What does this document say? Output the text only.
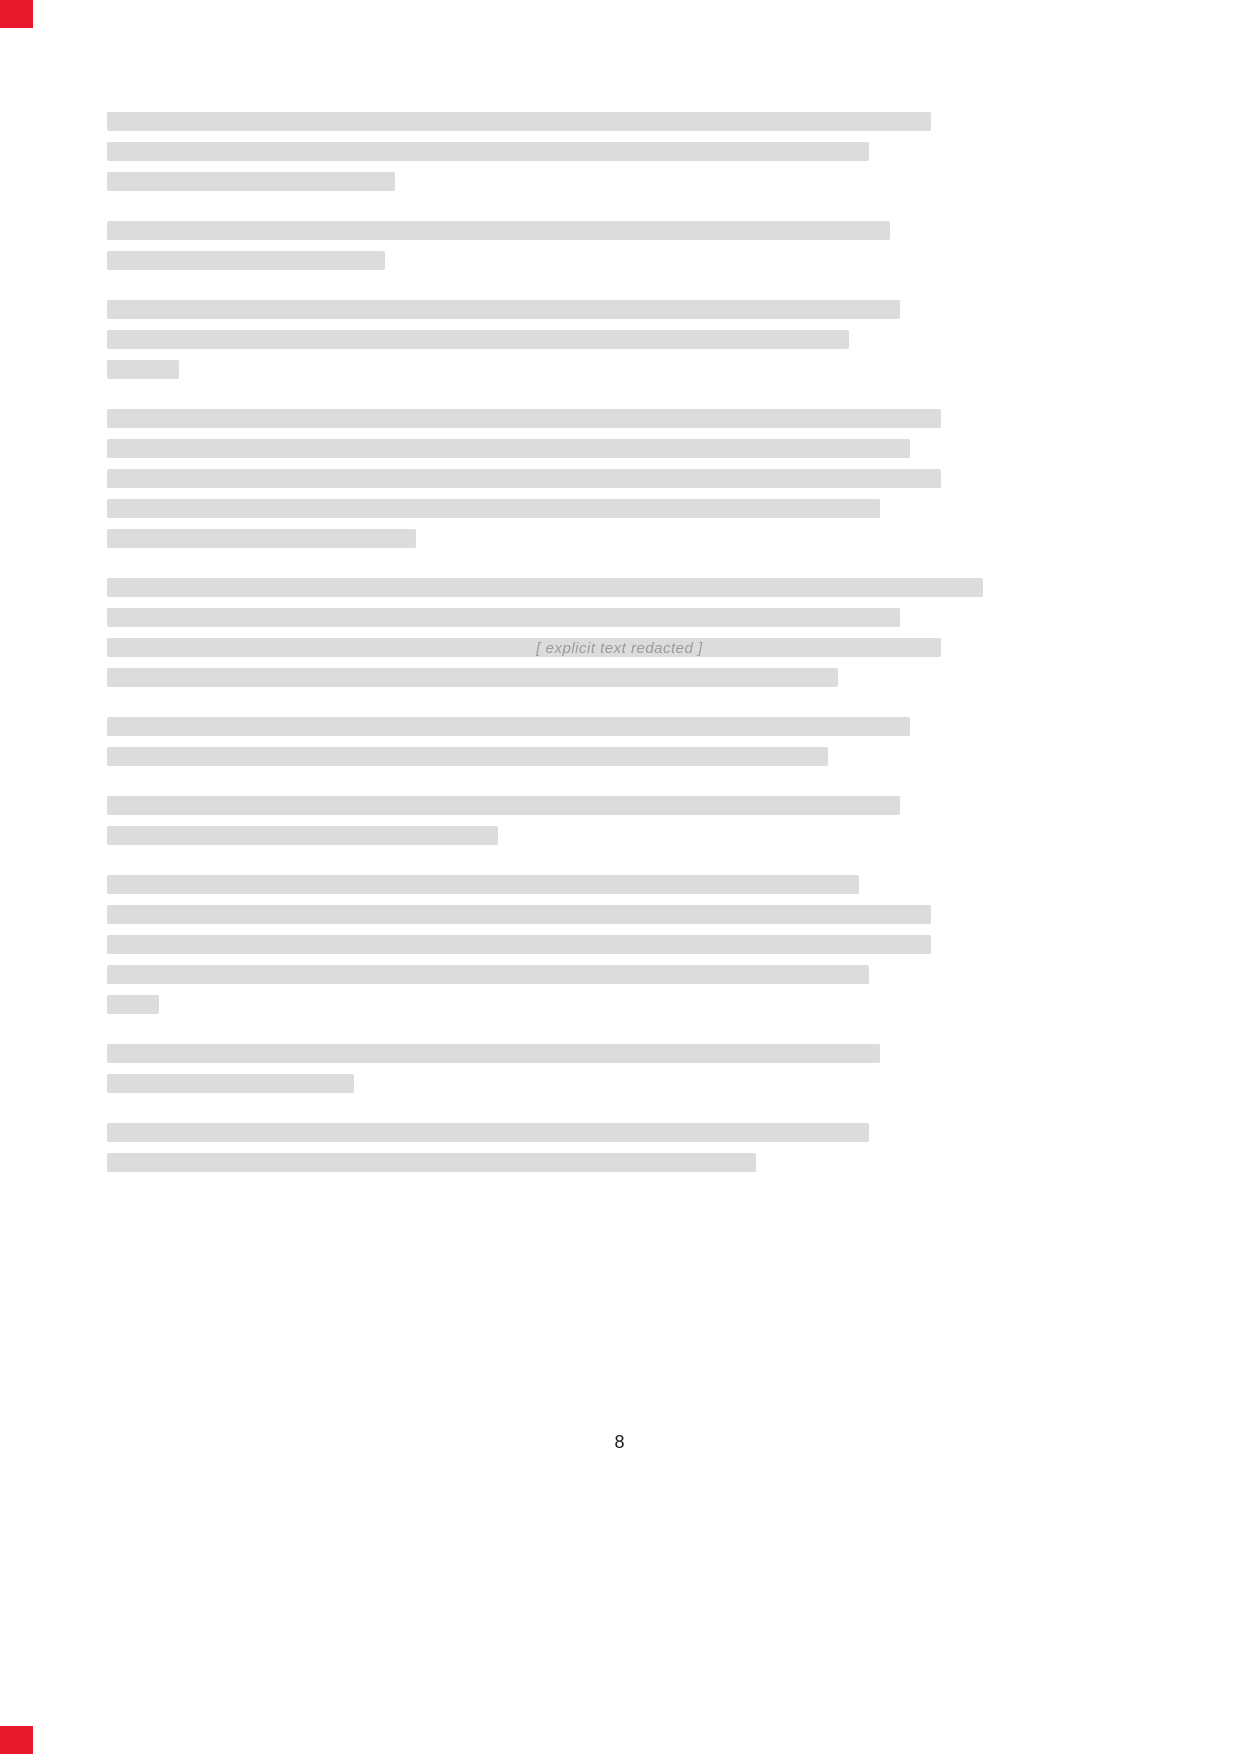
[ explicit text redacted ]
8
